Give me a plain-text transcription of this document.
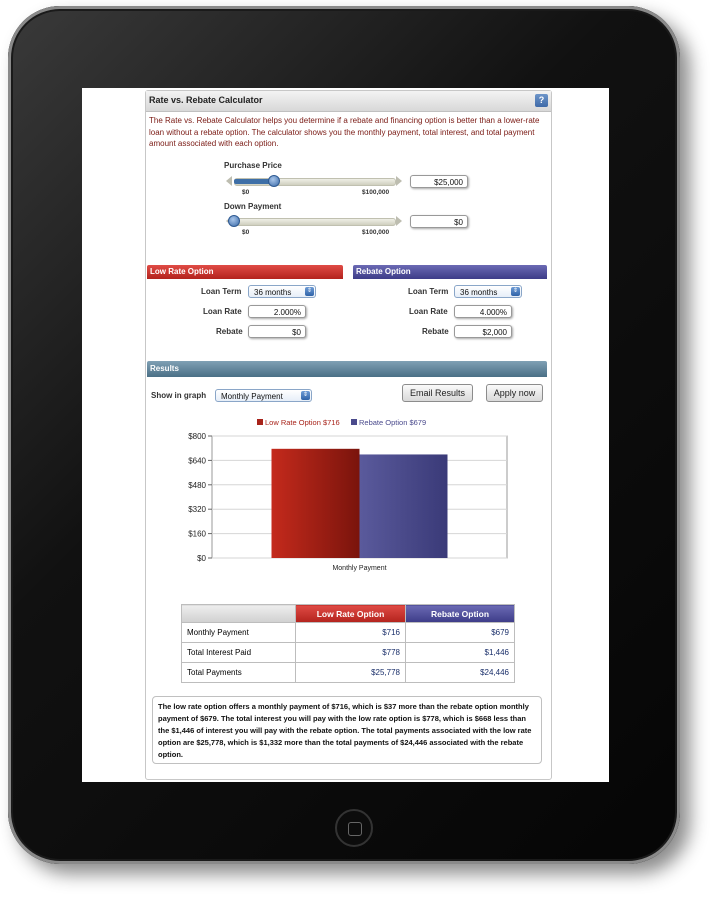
Rate vs. Rebate Calculator	?
The Rate vs. Rebate Calculator helps you determine if a rebate and financing option is better than a lower-rate loan without a rebate option. The calculator shows you the monthly payment, total interest, and total payment amount associated with each option.
Purchase Price
$0	$100,000
$25,000
Down Payment
$0	$100,000
$0
Low Rate Option
Loan Term	36 months	⇕
Loan Rate	2.000%
Rebate	$0
Rebate Option
Loan Term	36 months	⇕
Loan Rate	4.000%
Rebate	$2,000
Results
Show in graph	Monthly Payment	⇕	Email Results	Apply now
$0
$160
$320
$480
$640
$800
Monthly Payment
Low Rate Option $716	Rebate Option $679
	Low Rate Option	Rebate Option
Monthly Payment	$716	$679
Total Interest Paid	$778	$1,446
Total Payments	$25,778	$24,446
The low rate option offers a monthly payment of $716, which is $37 more than the rebate option monthly payment of $679. The total interest you will pay with the low rate option is $778, which is $668 less than the $1,446 of interest you will pay with the rebate option. The total payments associated with the low rate option are $25,778, which is $1,332 more than the total payments of $24,446 associated with the rebate option.
